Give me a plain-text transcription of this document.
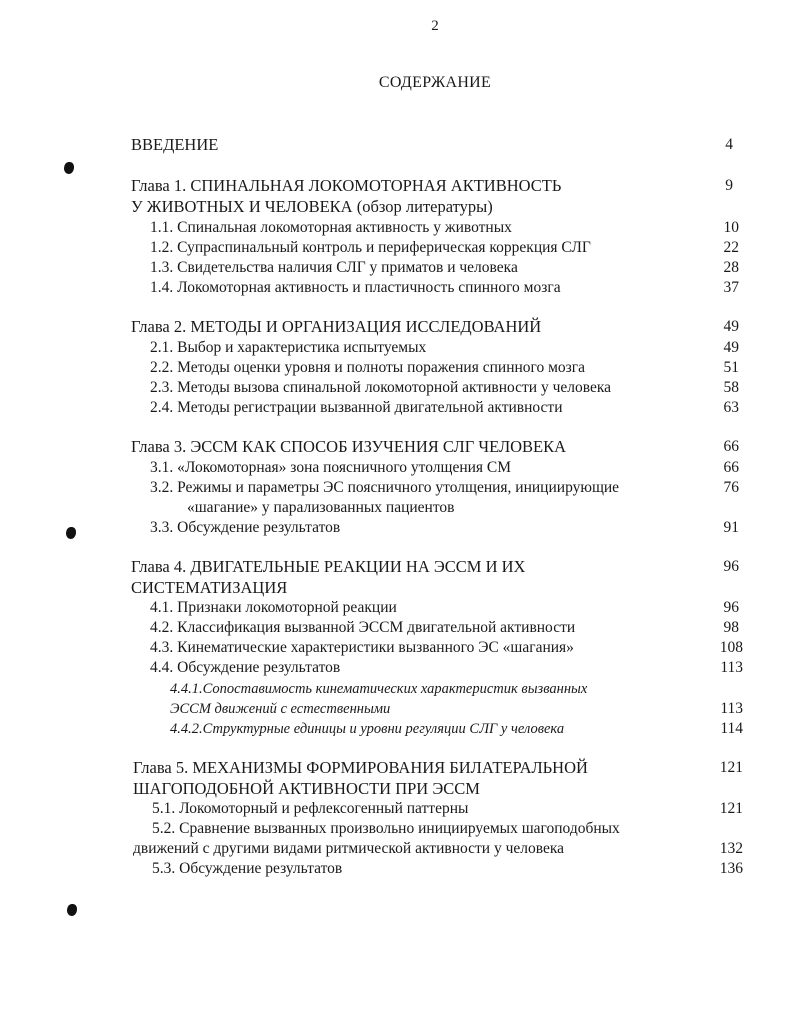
2
СОДЕРЖАНИЕ
ВВЕДЕНИЕ	4
Глава 1. СПИНАЛЬНАЯ ЛОКОМОТОРНАЯ АКТИВНОСТЬ	9
У ЖИВОТНЫХ И ЧЕЛОВЕКА (обзор литературы)
1.1. Спинальная локомоторная активность у животных	10
1.2. Супраспинальный контроль и периферическая коррекция СЛГ	22
1.3. Свидетельства наличия СЛГ у приматов и человека	28
1.4. Локомоторная активность и пластичность спинного мозга	37
Глава 2. МЕТОДЫ И ОРГАНИЗАЦИЯ ИССЛЕДОВАНИЙ	49
2.1. Выбор и характеристика испытуемых	49
2.2. Методы оценки уровня и полноты поражения спинного мозга	51
2.3. Методы вызова спинальной локомоторной активности у человека	58
2.4. Методы регистрации вызванной двигательной активности	63
Глава 3. ЭССМ КАК СПОСОБ ИЗУЧЕНИЯ СЛГ ЧЕЛОВЕКА	66
3.1. «Локомоторная» зона поясничного утолщения СМ	66
3.2. Режимы и параметры ЭС поясничного утолщения, инициирующие	76
«шагание» у парализованных пациентов
3.3. Обсуждение результатов	91
Глава 4. ДВИГАТЕЛЬНЫЕ РЕАКЦИИ НА ЭССМ И ИХ	96
СИСТЕМАТИЗАЦИЯ
4.1. Признаки локомоторной реакции	96
4.2. Классификация вызванной ЭССМ двигательной активности	98
4.3. Кинематические характеристики вызванного ЭС «шагания»	108
4.4. Обсуждение результатов	113
4.4.1.Сопоставимость кинематических характеристик вызванных
ЭССМ движений с естественными	113
4.4.2.Структурные единицы и уровни регуляции СЛГ у человека	114
Глава 5. МЕХАНИЗМЫ ФОРМИРОВАНИЯ БИЛАТЕРАЛЬНОЙ	121
ШАГОПОДОБНОЙ АКТИВНОСТИ ПРИ ЭССМ
5.1. Локомоторный и рефлексогенный паттерны	121
5.2. Сравнение вызванных произвольно инициируемых шагоподобных
движений с другими видами ритмической активности у человека	132
5.3. Обсуждение результатов	136
